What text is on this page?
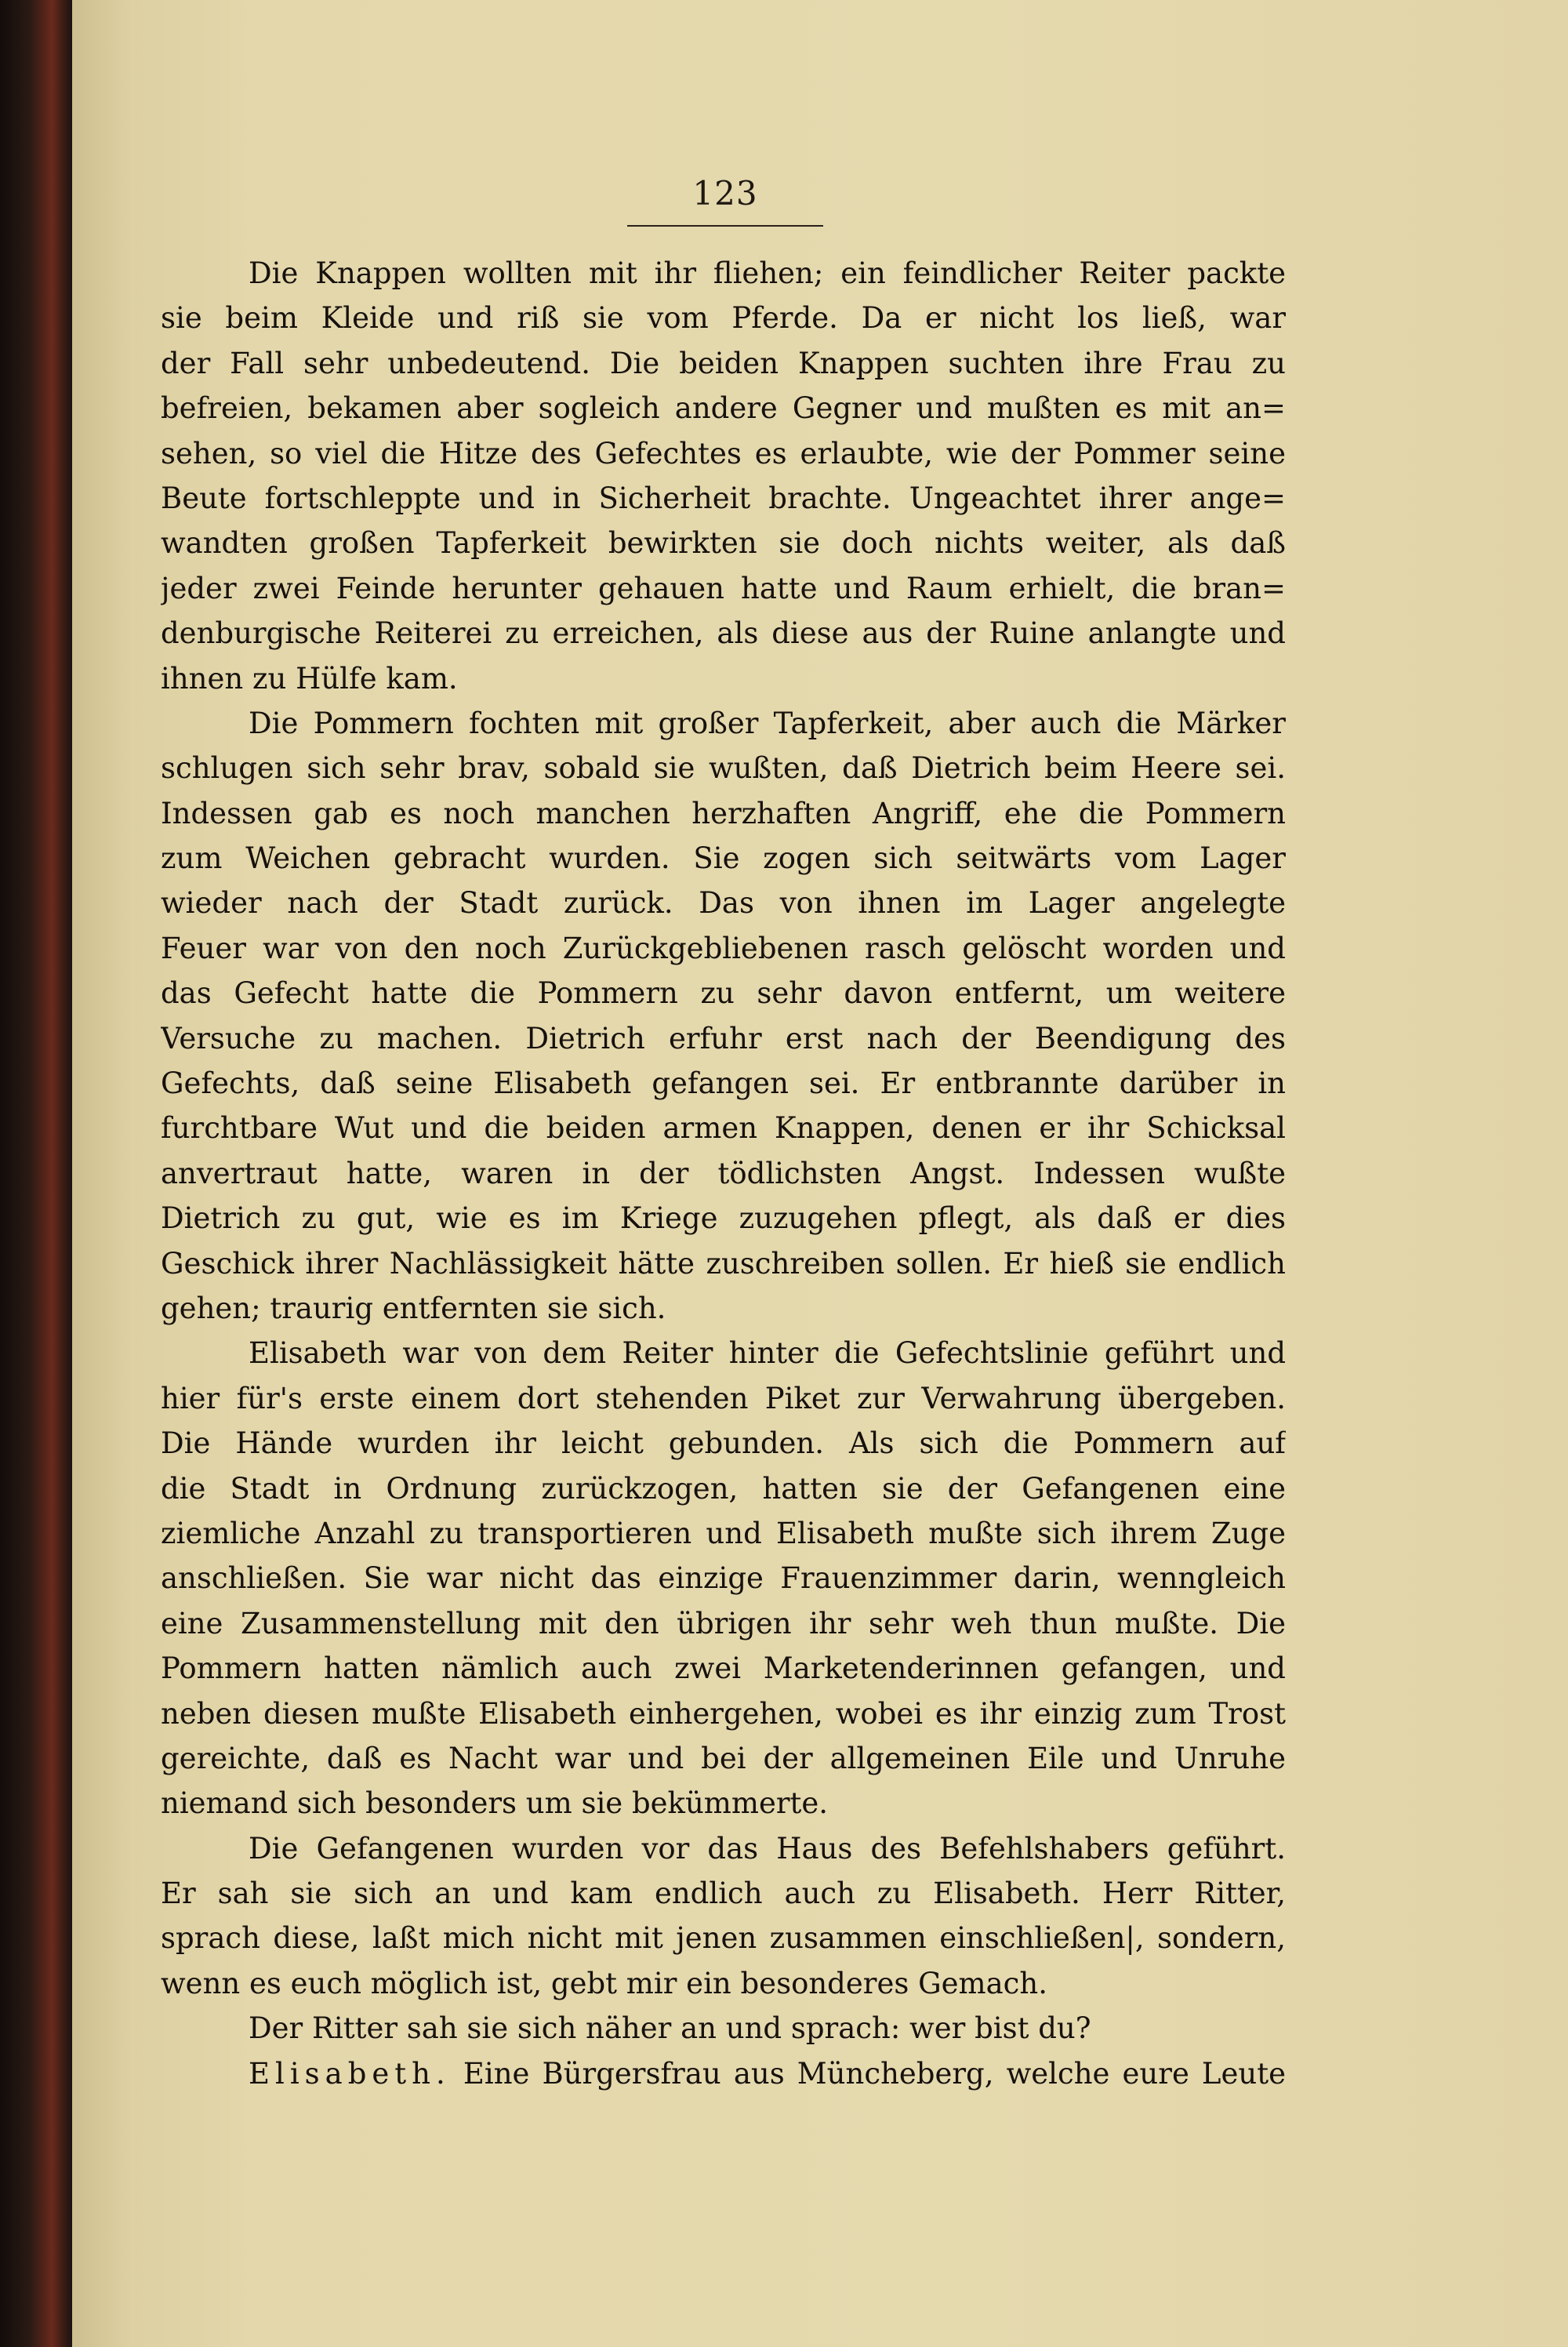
123
Die Knappen wollten mit ihr fliehen; ein feindlicher Reiter packte
sie beim Kleide und riß sie vom Pferde. Da er nicht los ließ, war
der Fall sehr unbedeutend. Die beiden Knappen suchten ihre Frau zu
befreien, bekamen aber sogleich andere Gegner und mußten es mit an=
sehen, so viel die Hitze des Gefechtes es erlaubte, wie der Pommer seine
Beute fortschleppte und in Sicherheit brachte. Ungeachtet ihrer ange=
wandten großen Tapferkeit bewirkten sie doch nichts weiter, als daß
jeder zwei Feinde herunter gehauen hatte und Raum erhielt, die bran=
denburgische Reiterei zu erreichen, als diese aus der Ruine anlangte und
ihnen zu Hülfe kam.
Die Pommern fochten mit großer Tapferkeit, aber auch die Märker
schlugen sich sehr brav, sobald sie wußten, daß Dietrich beim Heere sei.
Indessen gab es noch manchen herzhaften Angriff, ehe die Pommern
zum Weichen gebracht wurden. Sie zogen sich seitwärts vom Lager
wieder nach der Stadt zurück. Das von ihnen im Lager angelegte
Feuer war von den noch Zurückgebliebenen rasch gelöscht worden und
das Gefecht hatte die Pommern zu sehr davon entfernt, um weitere
Versuche zu machen. Dietrich erfuhr erst nach der Beendigung des
Gefechts, daß seine Elisabeth gefangen sei. Er entbrannte darüber in
furchtbare Wut und die beiden armen Knappen, denen er ihr Schicksal
anvertraut hatte, waren in der tödlichsten Angst. Indessen wußte
Dietrich zu gut, wie es im Kriege zuzugehen pflegt, als daß er dies
Geschick ihrer Nachlässigkeit hätte zuschreiben sollen. Er hieß sie endlich
gehen; traurig entfernten sie sich.
Elisabeth war von dem Reiter hinter die Gefechtslinie geführt und
hier für's erste einem dort stehenden Piket zur Verwahrung übergeben.
Die Hände wurden ihr leicht gebunden. Als sich die Pommern auf
die Stadt in Ordnung zurückzogen, hatten sie der Gefangenen eine
ziemliche Anzahl zu transportieren und Elisabeth mußte sich ihrem Zuge
anschließen. Sie war nicht das einzige Frauenzimmer darin, wenngleich
eine Zusammenstellung mit den übrigen ihr sehr weh thun mußte. Die
Pommern hatten nämlich auch zwei Marketenderinnen gefangen, und
neben diesen mußte Elisabeth einhergehen, wobei es ihr einzig zum Trost
gereichte, daß es Nacht war und bei der allgemeinen Eile und Unruhe
niemand sich besonders um sie bekümmerte.
Die Gefangenen wurden vor das Haus des Befehlshabers geführt.
Er sah sie sich an und kam endlich auch zu Elisabeth. Herr Ritter,
sprach diese, laßt mich nicht mit jenen zusammen einschließen|, sondern,
wenn es euch möglich ist, gebt mir ein besonderes Gemach.
Der Ritter sah sie sich näher an und sprach: wer bist du?
Elisabeth. Eine Bürgersfrau aus Müncheberg, welche eure Leute
